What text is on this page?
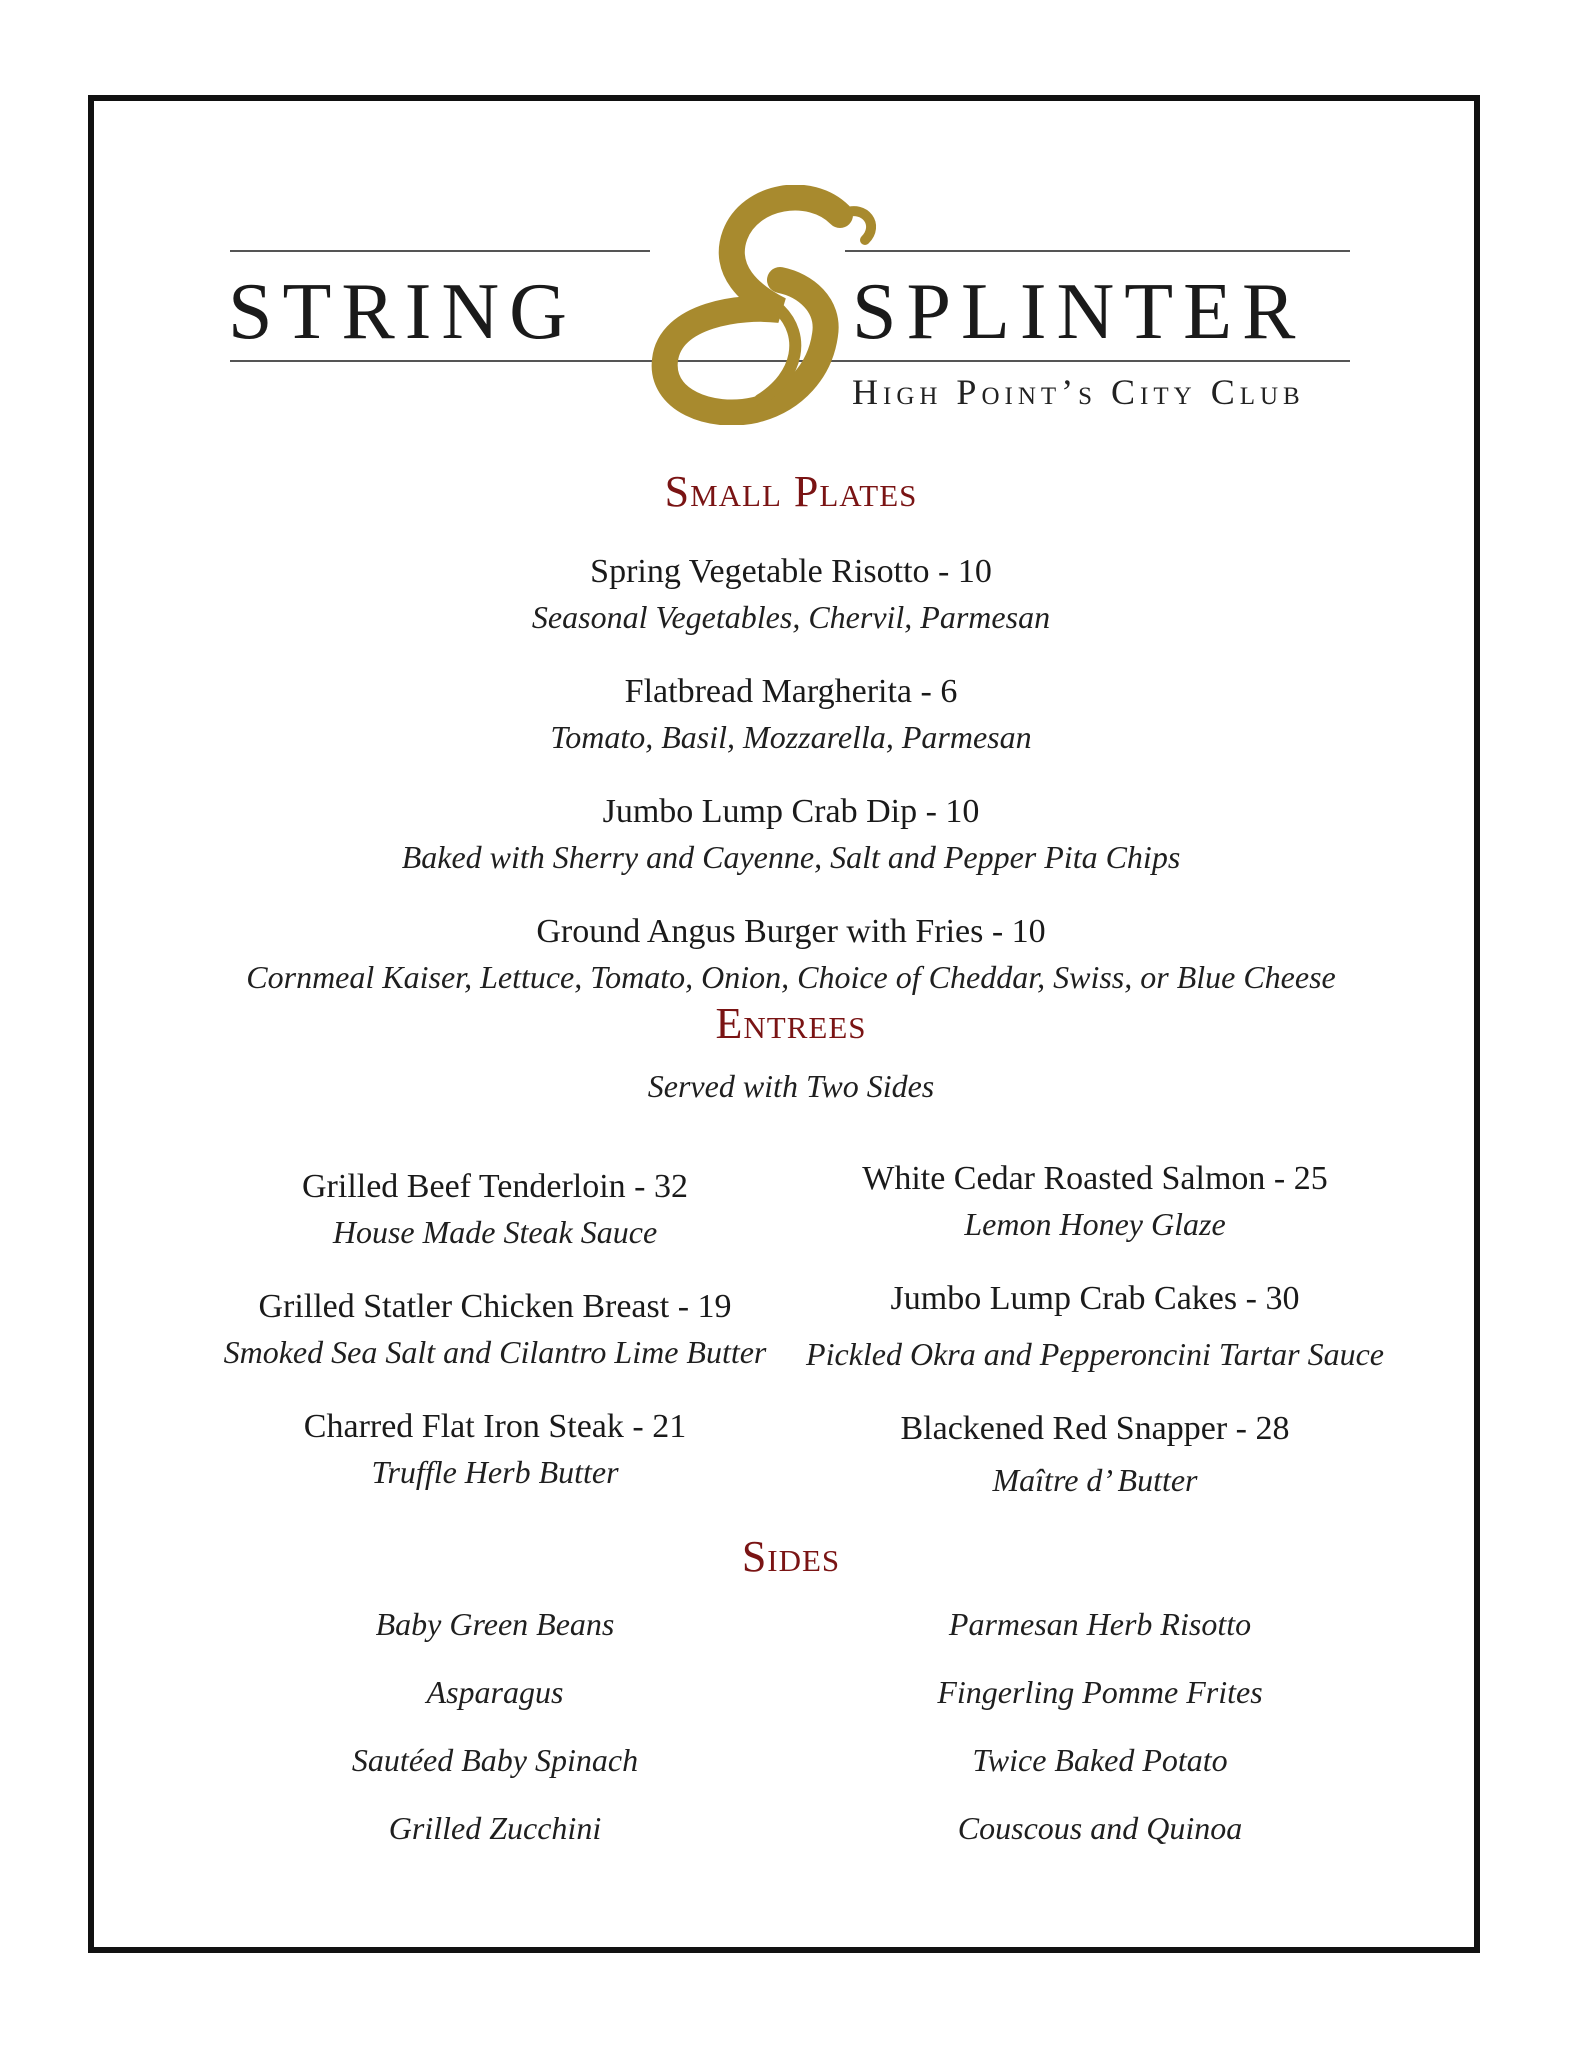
STRING	SPLINTER
High Point’s City Club
Small Plates
Spring Vegetable Risotto - 10
Seasonal Vegetables, Chervil, Parmesan
Flatbread Margherita - 6
Tomato, Basil, Mozzarella, Parmesan
Jumbo Lump Crab Dip - 10
Baked with Sherry and Cayenne, Salt and Pepper Pita Chips
Ground Angus Burger with Fries - 10
Cornmeal Kaiser, Lettuce, Tomato, Onion, Choice of Cheddar, Swiss, or Blue Cheese
Entrees
Served with Two Sides
Grilled Beef Tenderloin - 32
House Made Steak Sauce
Grilled Statler Chicken Breast - 19
Smoked Sea Salt and Cilantro Lime Butter
Charred Flat Iron Steak - 21
Truffle Herb Butter
White Cedar Roasted Salmon - 25
Lemon Honey Glaze
Jumbo Lump Crab Cakes - 30
Pickled Okra and Pepperoncini Tartar Sauce
Blackened Red Snapper - 28
Maître d’ Butter
Sides
Baby Green Beans
Asparagus
Sautéed Baby Spinach
Grilled Zucchini
Parmesan Herb Risotto
Fingerling Pomme Frites
Twice Baked Potato
Couscous and Quinoa
